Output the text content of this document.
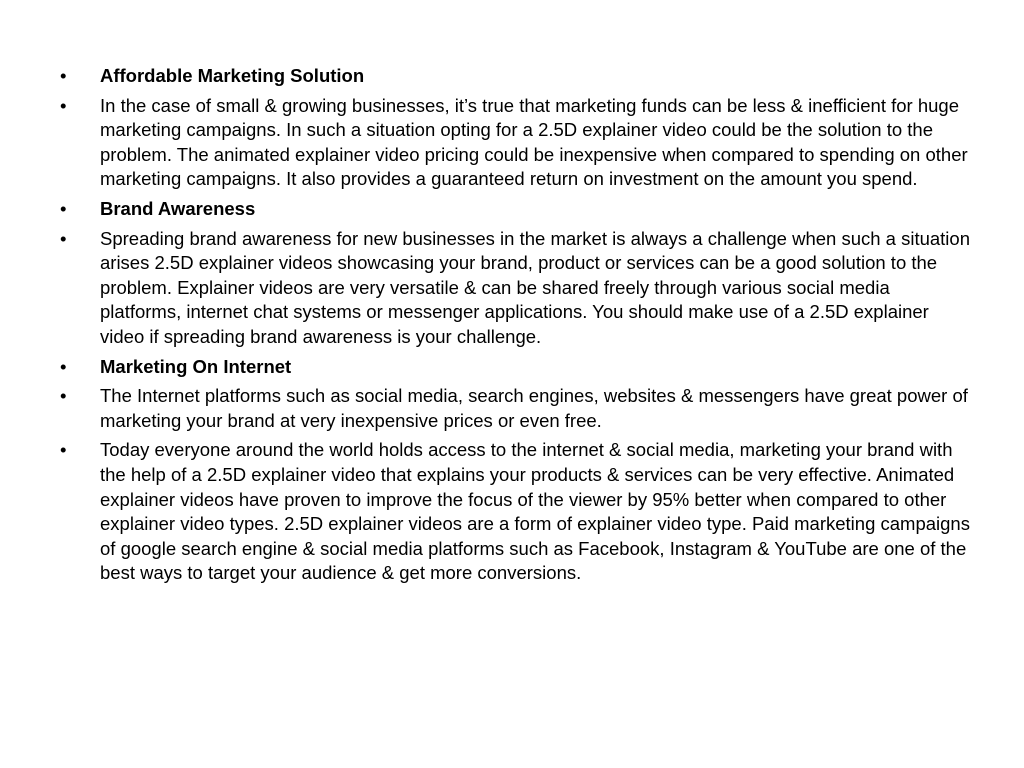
•	Affordable Marketing Solution
•	In the case of small & growing businesses, it’s true that marketing funds can be less & inefficient for huge marketing campaigns. In such a situation opting for a 2.5D explainer video could be the solution to the problem. The animated explainer video pricing could be inexpensive when compared to spending on other marketing campaigns. It also provides a guaranteed return on investment on the amount you spend.
•	Brand Awareness
•	Spreading brand awareness for new businesses in the market is always a challenge when such a situation arises 2.5D explainer videos showcasing your brand, product or services can be a good solution to the problem. Explainer videos are very versatile & can be shared freely through various social media platforms, internet chat systems or messenger applications. You should make use of a 2.5D explainer video if spreading brand awareness is your challenge.
•	Marketing On Internet
•	The Internet platforms such as social media, search engines, websites & messengers have great power of marketing your brand at very inexpensive prices or even free.
•	Today everyone around the world holds access to the internet & social media, marketing your brand with the help of a 2.5D explainer video that explains your products & services can be very effective. Animated explainer videos have proven to improve the focus of the viewer by 95% better when compared to other explainer video types. 2.5D explainer videos are a form of explainer video type. Paid marketing campaigns of google search engine & social media platforms such as Facebook, Instagram & YouTube are one of the best ways to target your audience & get more conversions.
